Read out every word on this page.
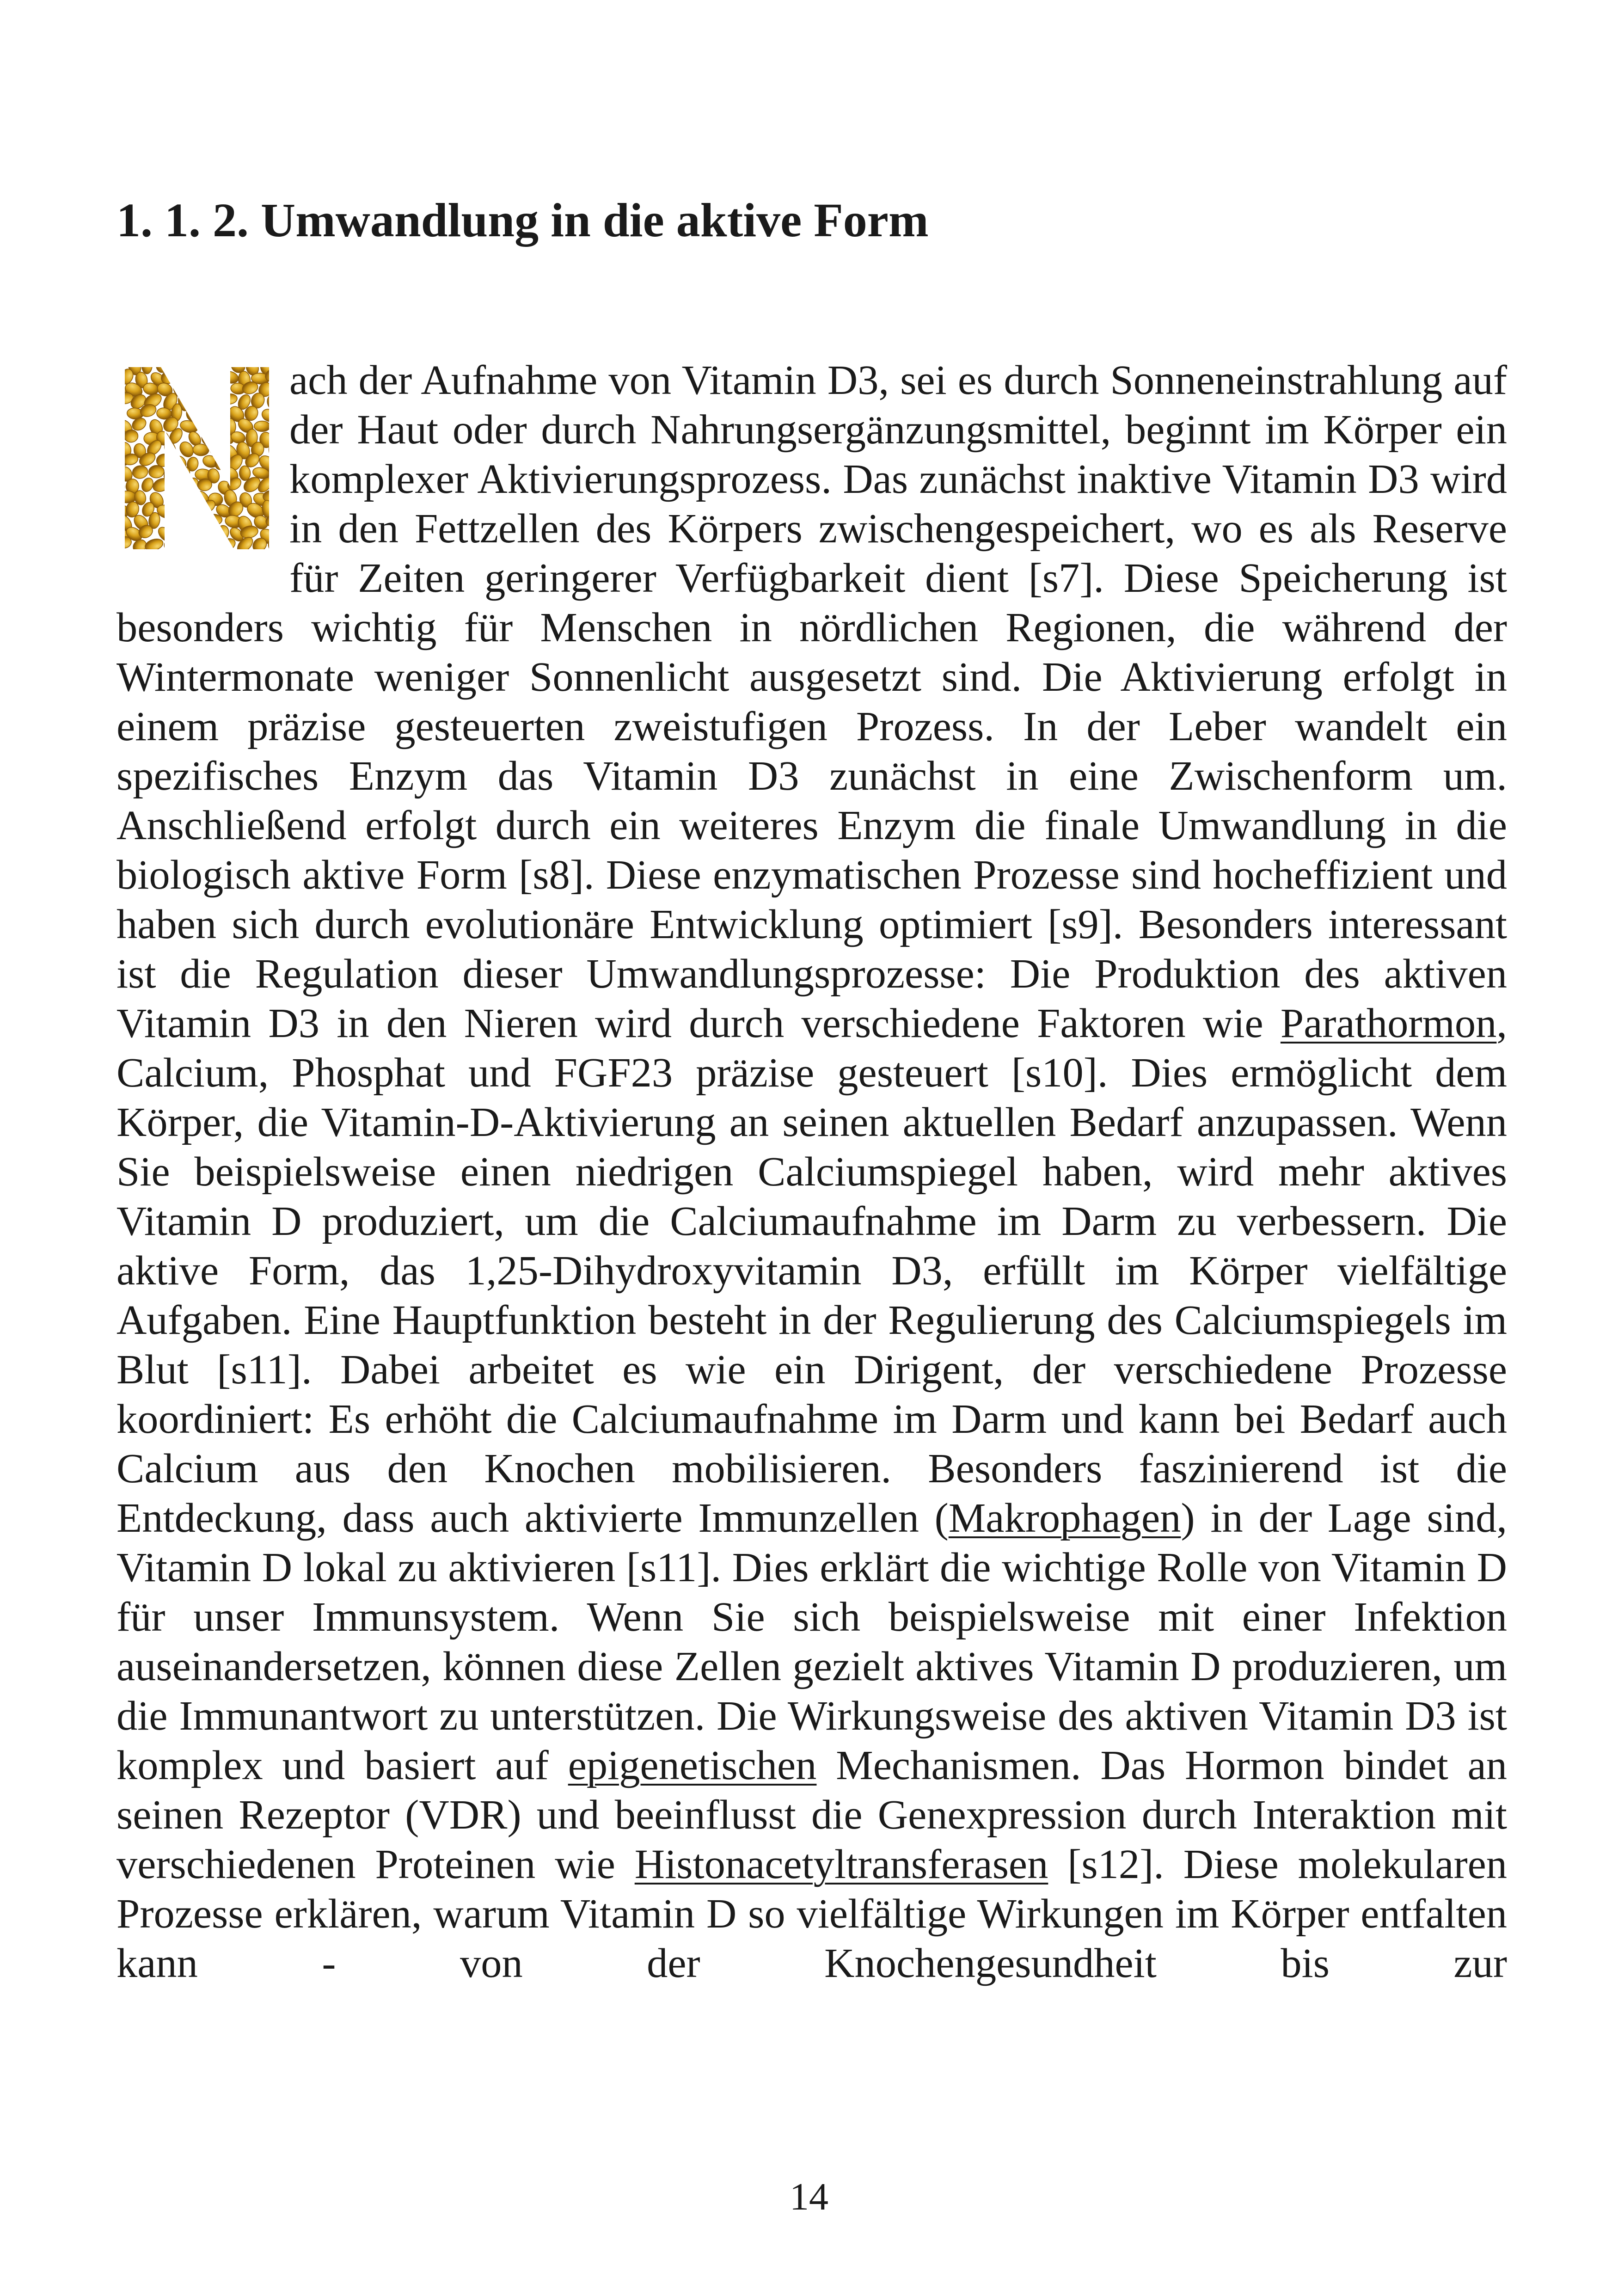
1. 1. 2. Umwandlung in die aktive Form
ach der Aufnahme von Vitamin D3, sei es durch Sonneneinstrahlung auf der Haut oder durch Nahrungsergänzungsmittel, beginnt im Körper ein komplexer Aktivierungsprozess. Das zunächst inaktive Vitamin D3 wird in den Fettzellen des Körpers zwischengespeichert, wo es als Reserve für Zeiten geringerer Verfügbarkeit dient [s7]. Diese Speicherung ist besonders wichtig für Menschen in nördlichen Regionen, die während der Wintermonate weniger Sonnenlicht ausgesetzt sind. Die Aktivierung erfolgt in einem präzise gesteuerten zweistufigen Prozess. In der Leber wandelt ein spezifisches Enzym das Vitamin D3 zunächst in eine Zwischenform um. Anschließend erfolgt durch ein weiteres Enzym die finale Umwandlung in die biologisch aktive Form [s8]. Diese enzymatischen Prozesse sind hocheffizient und haben sich durch evolutionäre Entwicklung optimiert [s9]. Besonders interessant ist die Regulation dieser Umwandlungsprozesse: Die Produktion des aktiven Vitamin D3 in den Nieren wird durch verschiedene Faktoren wie Parathormon, Calcium, Phosphat und FGF23 präzise gesteuert [s10]. Dies ermöglicht dem Körper, die Vitamin-D-Aktivierung an seinen aktuellen Bedarf anzupassen. Wenn Sie beispielsweise einen niedrigen Calciumspiegel haben, wird mehr aktives Vitamin D produziert, um die Calciumaufnahme im Darm zu verbessern. Die aktive Form, das 1,25-Dihydroxyvitamin D3, erfüllt im Körper vielfältige Aufgaben. Eine Hauptfunktion besteht in der Regulierung des Calciumspiegels im Blut [s11]. Dabei arbeitet es wie ein Dirigent, der verschiedene Prozesse koordiniert: Es erhöht die Calciumaufnahme im Darm und kann bei Bedarf auch Calcium aus den Knochen mobilisieren. Besonders faszinierend ist die Entdeckung, dass auch aktivierte Immunzellen (Makrophagen) in der Lage sind, Vitamin D lokal zu aktivieren [s11]. Dies erklärt die wichtige Rolle von Vitamin D für unser Immunsystem. Wenn Sie sich beispielsweise mit einer Infektion auseinandersetzen, können diese Zellen gezielt aktives Vitamin D produzieren, um die Immunantwort zu unterstützen. Die Wirkungsweise des aktiven Vitamin D3 ist komplex und basiert auf epigenetischen Mechanismen. Das Hormon bindet an seinen Rezeptor (VDR) und beeinflusst die Genexpression durch Interaktion mit verschiedenen Proteinen wie Histonacetyltransferasen [s12]. Diese molekularen Prozesse erklären, warum Vitamin D so vielfältige Wirkungen im Körper entfalten kann - von der Knochengesundheit bis zur
14
